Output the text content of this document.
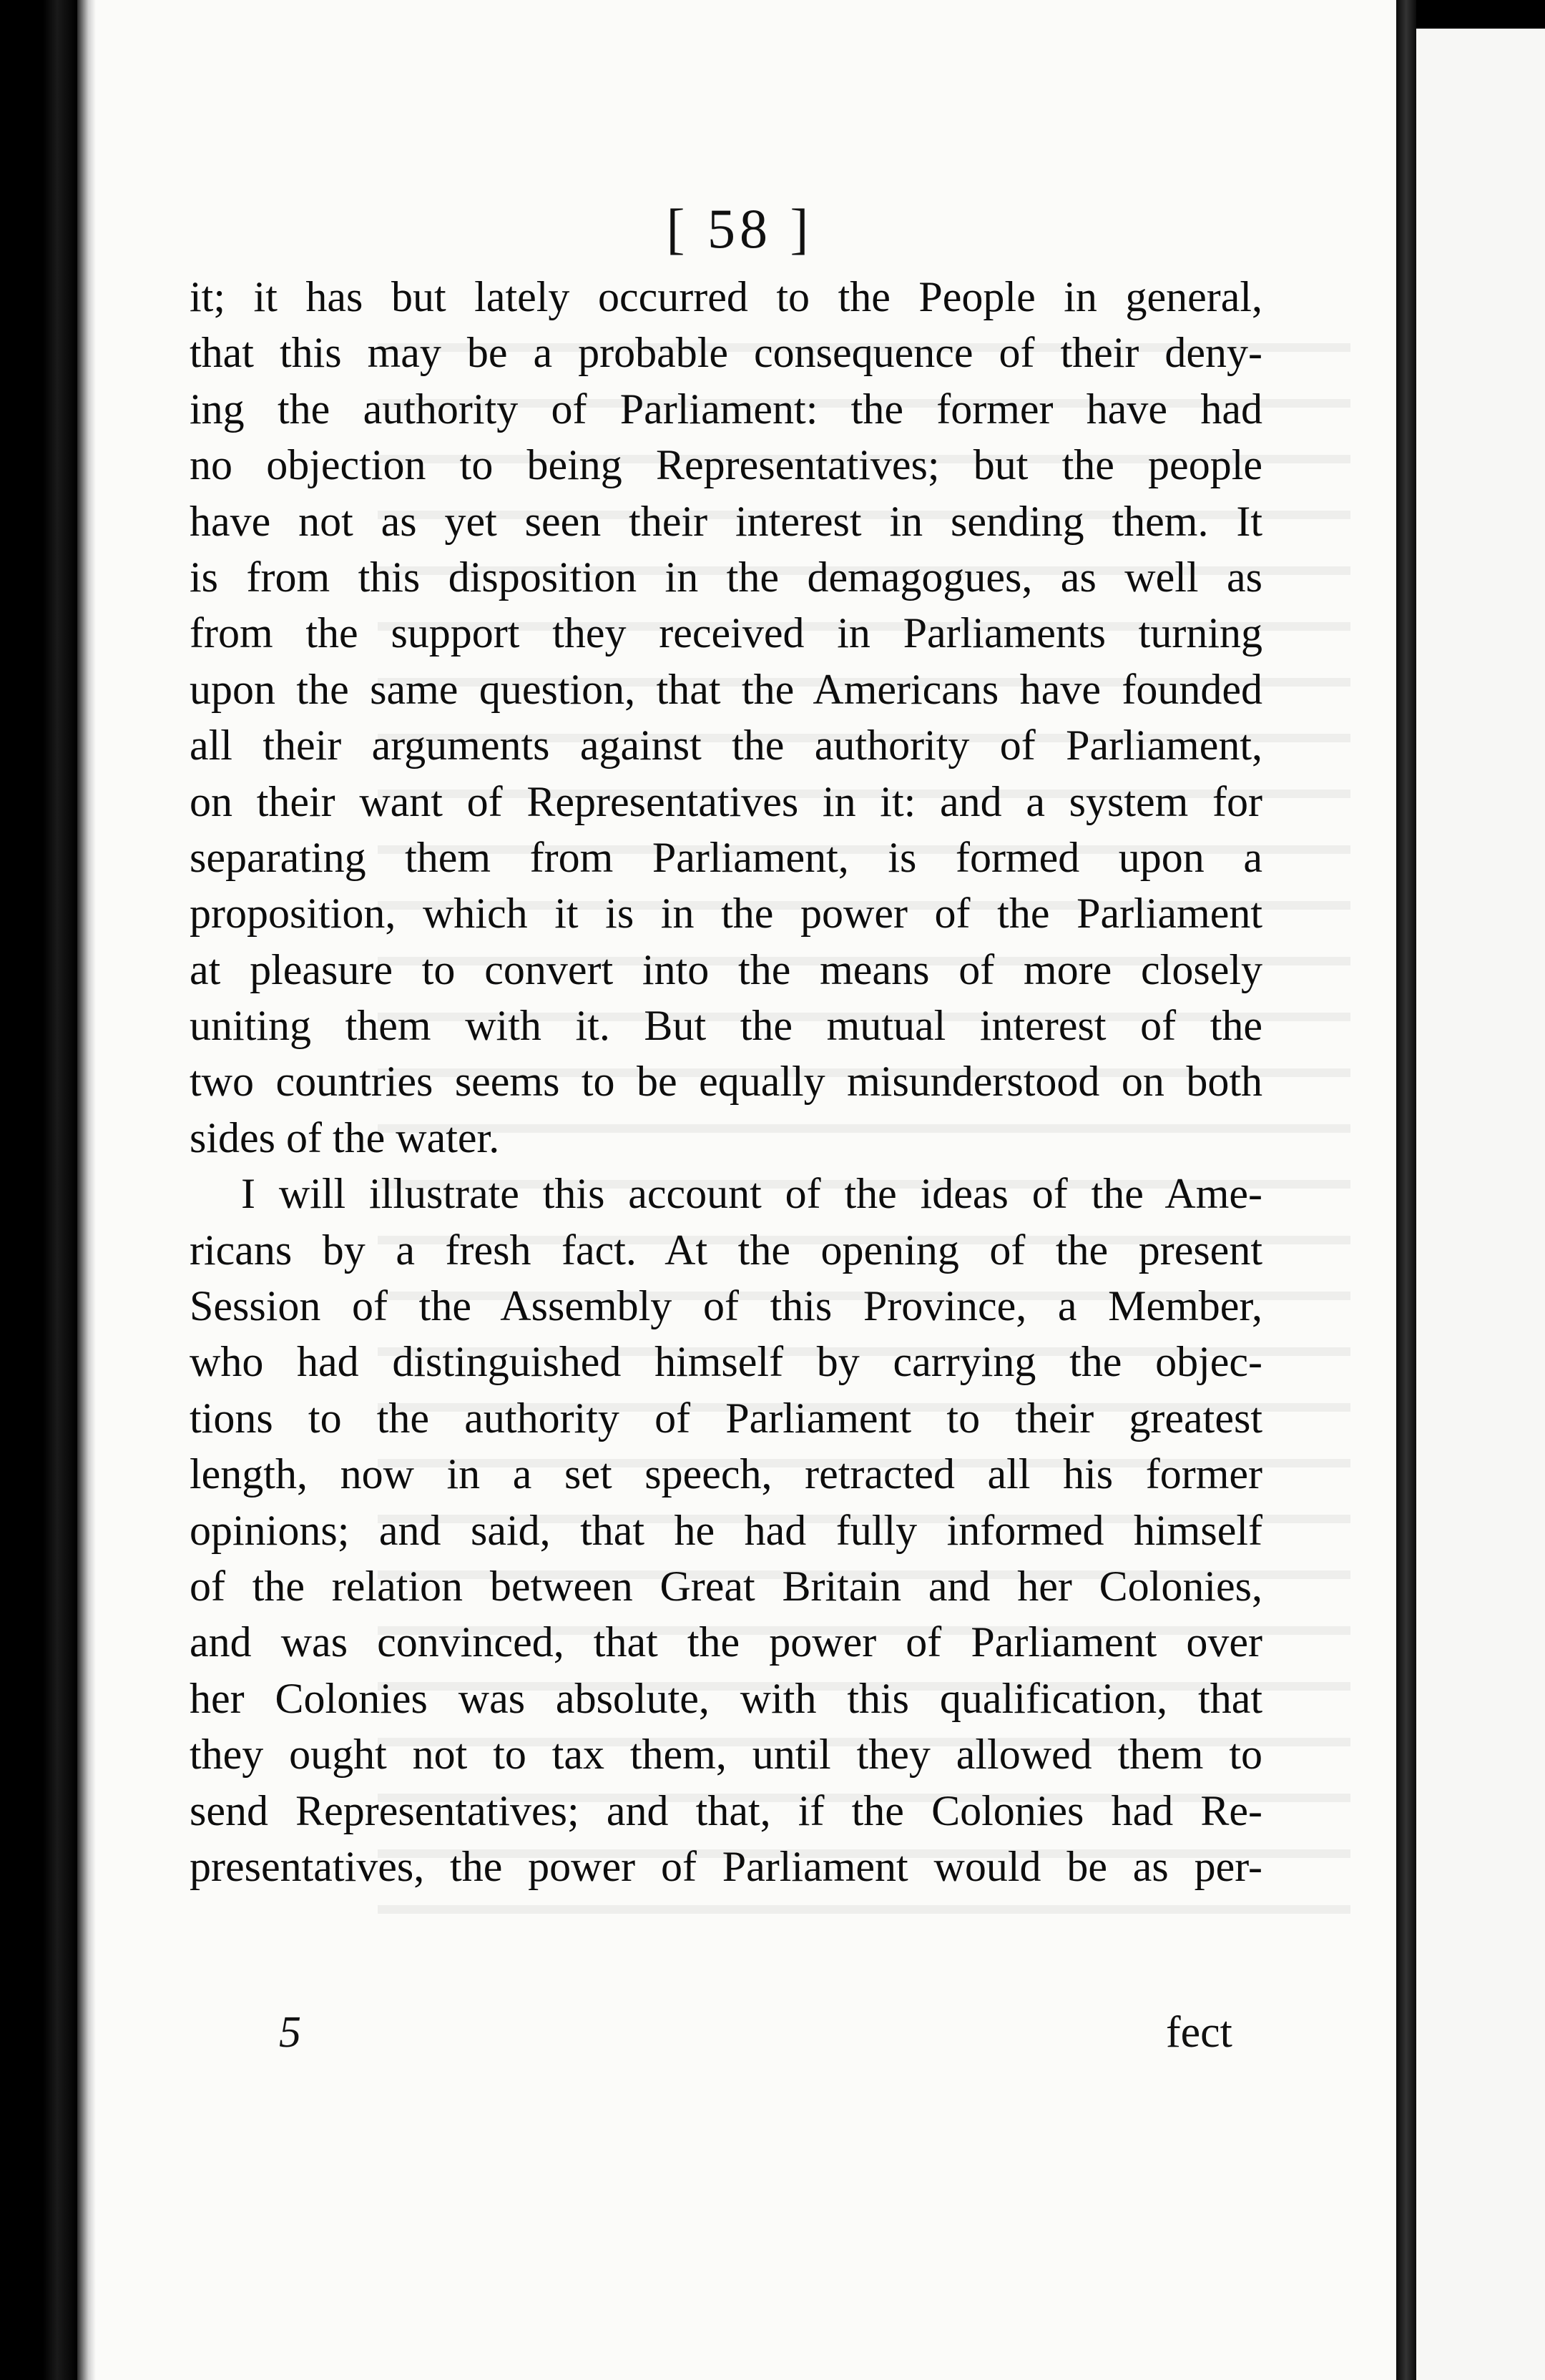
[ 58 ]
it; it has but lately occurred to the People in general,
that this may be a probable consequence of their deny-
ing the authority of Parliament: the former have had
no objection to being Representatives; but the people
have not as yet seen their interest in sending them. It
is from this disposition in the demagogues, as well as
from the support they received in Parliaments turning
upon the same question, that the Americans have founded
all their arguments against the authority of Parliament,
on their want of Representatives in it: and a system for
separating them from Parliament, is formed upon a
proposition, which it is in the power of the Parliament
at pleasure to convert into the means of more closely
uniting them with it. But the mutual interest of the
two countries seems to be equally misunderstood on both
sides of the water.
I will illustrate this account of the ideas of the Ame-
ricans by a fresh fact. At the opening of the present
Session of the Assembly of this Province, a Member,
who had distinguished himself by carrying the objec-
tions to the authority of Parliament to their greatest
length, now in a set speech, retracted all his former
opinions; and said, that he had fully informed himself
of the relation between Great Britain and her Colonies,
and was convinced, that the power of Parliament over
her Colonies was absolute, with this qualification, that
they ought not to tax them, until they allowed them to
send Representatives; and that, if the Colonies had Re-
presentatives, the power of Parliament would be as per-
5	fect
